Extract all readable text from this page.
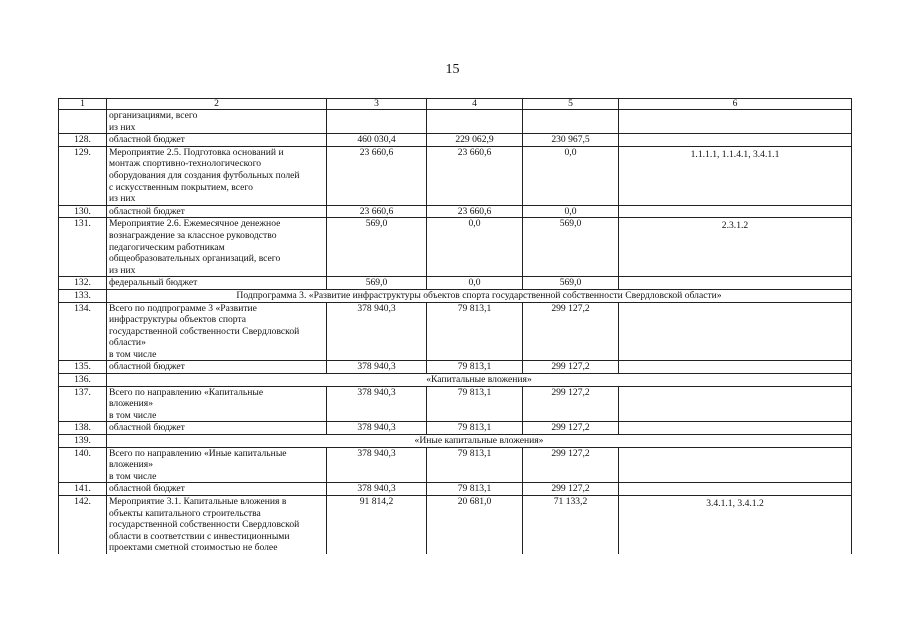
15
1	2	3	4	5	6

	организациями, всего
из них				

128.	областной бюджет	460 030,4	229 062,9	230 967,5	
129.	Мероприятие 2.5. Подготовка оснований и
монтаж спортивно-технологического
оборудования для создания футбольных полей
с искусственным покрытием, всего
из них	23 660,6	23 660,6	0,0	1.1.1.1, 1.1.4.1, 3.4.1.1
130.	областной бюджет	23 660,6	23 660,6	0,0	
131.	Мероприятие 2.6. Ежемесячное денежное
вознаграждение за классное руководство
педагогическим работникам
общеобразовательных организаций, всего
из них	569,0	0,0	569,0	2.3.1.2
132.	федеральный бюджет	569,0	0,0	569,0	
133.	Подпрограмма 3. «Развитие инфраструктуры объектов спорта государственной собственности Свердловской области»				
134.	Всего по подпрограмме 3 «Развитие
инфраструктуры объектов спорта
государственной собственности Свердловской
области»
в том числе	378 940,3	79 813,1	299 127,2	
135.	областной бюджет	378 940,3	79 813,1	299 127,2	
136.	«Капитальные вложения»				
137.	Всего по направлению «Капитальные
вложения»
в том числе	378 940,3	79 813,1	299 127,2	
138.	областной бюджет	378 940,3	79 813,1	299 127,2	
139.	«Иные капитальные вложения»				
140.	Всего по направлению «Иные капитальные
вложения»
в том числе	378 940,3	79 813,1	299 127,2	
141.	областной бюджет	378 940,3	79 813,1	299 127,2	
142.	Мероприятие 3.1. Капитальные вложения в
объекты капитального строительства
государственной собственности Свердловской
области в соответствии с инвестиционными
проектами сметной стоимостью не более	91 814,2	20 681,0	71 133,2	3.4.1.1, 3.4.1.2
